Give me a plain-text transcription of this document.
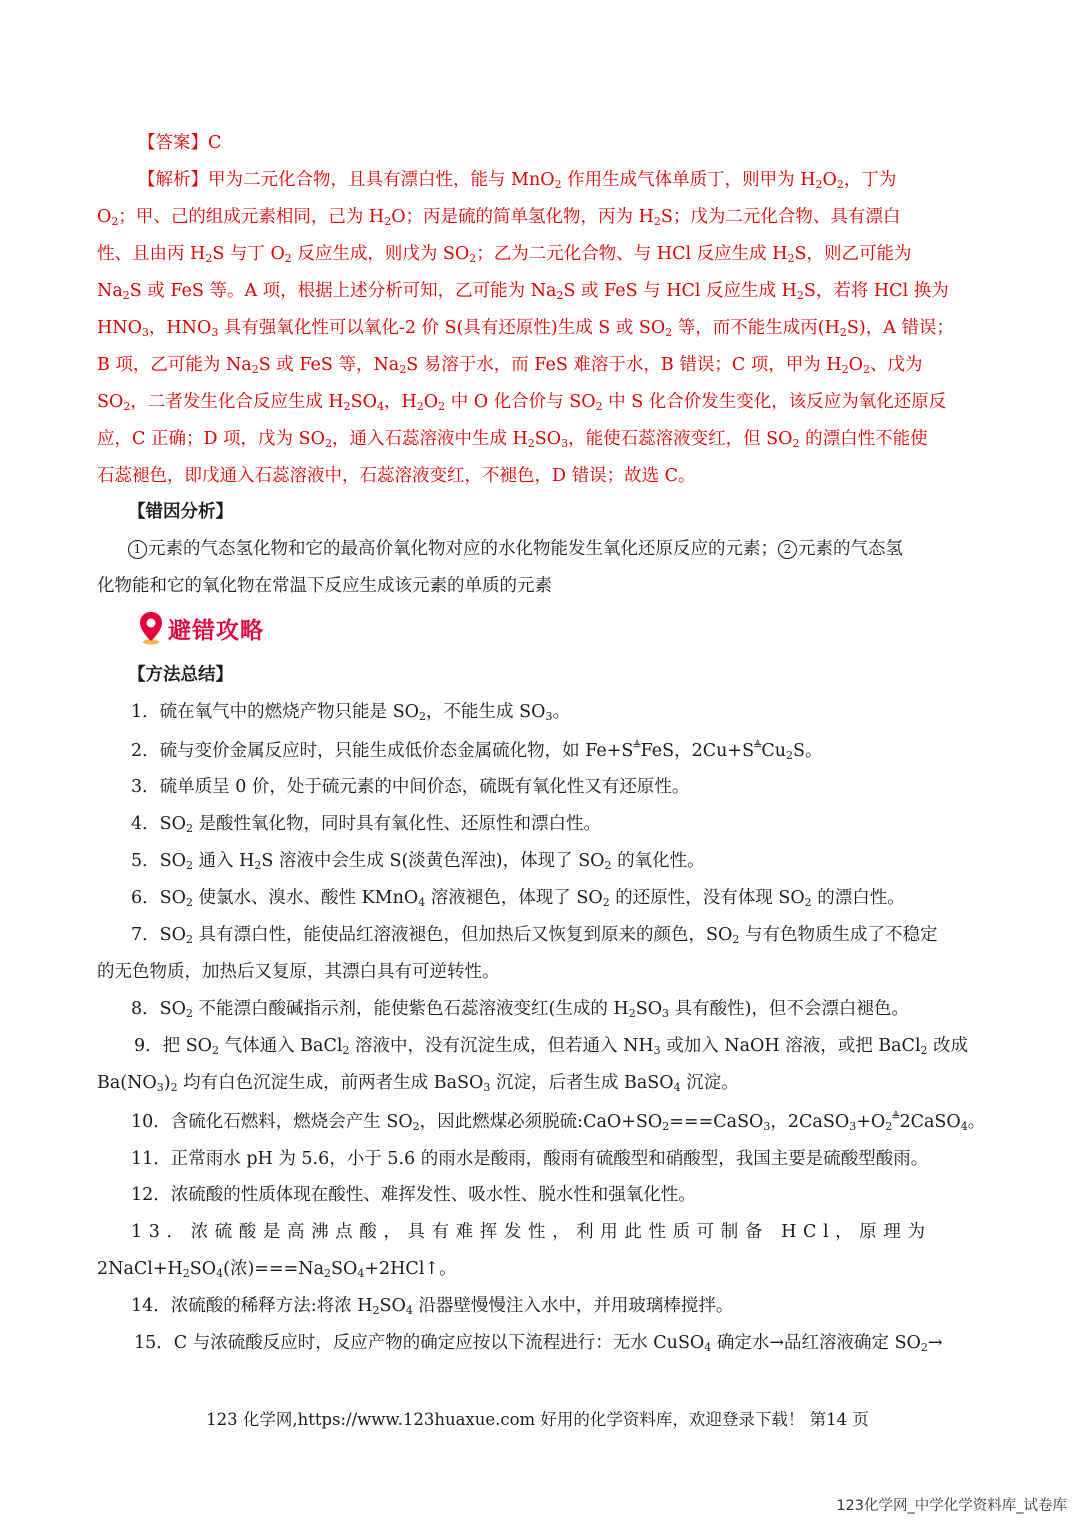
【答案】C
【解析】甲为二元化合物，且具有漂白性，能与 MnO$_2$ 作用生成气体单质丁，则甲为 $H_2O_2$，丁为
$O_2$；甲、己的组成元素相同，己为 $H_2O$；丙是硫的简单氢化物，丙为 $H_2S$；戊为二元化合物、具有漂白
性、且由丙 $H_2S$ 与丁 $O_2$ 反应生成，则戊为 $SO_2$；乙为二元化合物、与 HCl 反应生成 $H_2S$，则乙可能为
$Na_2S$ 或 FeS 等。A 项，根据上述分析可知，乙可能为 $Na_2S$ 或 FeS 与 HCl 反应生成 $H_2S$，若将 HCl 换为
$HNO_3$，$HNO_3$ 具有强氧化性可以氧化-2 价 S(具有还原性)生成 S 或 $SO_2$ 等，而不能生成丙$(H_2S)$，A 错误；
B 项，乙可能为 $Na_2S$ 或 FeS 等，$Na_2S$ 易溶于水，而 FeS 难溶于水，B 错误；C 项，甲为 $H_2O_2$、戊为
$SO_2$，二者发生化合反应生成 $H_2SO_4$，$H_2O_2$ 中 O 化合价与 $SO_2$ 中 S 化合价发生变化，该反应为氧化还原反
应，C 正确；D 项，戊为 $SO_2$，通入石蕊溶液中生成 $H_2SO_3$，能使石蕊溶液变红，但 $SO_2$ 的漂白性不能使
石蕊褪色，即戊通入石蕊溶液中，石蕊溶液变红，不褪色，D 错误；故选 C。
【错因分析】
1 元素的气态氢化物和它的最高价氧化物对应的水化物能发生氧化还原反应的元素； 2 元素的气态氢
化物能和它的氧化物在常温下反应生成该元素的单质的元素
避错攻略
【方法总结】
1．硫在氧气中的燃烧产物只能是 $SO_2$，不能生成 $SO_3$。
2．硫与变价金属反应时，只能生成低价态金属硫化物，如 Fe+S≜FeS，$2Cu+S≜Cu_2S$。
3．硫单质呈 0 价，处于硫元素的中间价态，硫既有氧化性又有还原性。
4．$SO_2$ 是酸性氧化物，同时具有氧化性、还原性和漂白性。
5．$SO_2$ 通入 $H_2S$ 溶液中会生成 S(淡黄色浑浊)，体现了 $SO_2$ 的氧化性。
6．$SO_2$ 使氯水、溴水、酸性 KMnO$_4$ 溶液褪色，体现了 $SO_2$ 的还原性，没有体现 $SO_2$ 的漂白性。
7．$SO_2$ 具有漂白性，能使品红溶液褪色，但加热后又恢复到原来的颜色，$SO_2$ 与有色物质生成了不稳定
的无色物质，加热后又复原，其漂白具有可逆转性。
8．$SO_2$ 不能漂白酸碱指示剂，能使紫色石蕊溶液变红(生成的 $H_2SO_3$ 具有酸性)，但不会漂白褪色。
9．把 $SO_2$ 气体通入 BaCl$_2$ 溶液中，没有沉淀生成，但若通入 $NH_3$ 或加入 NaOH 溶液，或把 BaCl$_2$ 改成
$Ba(NO_3)_2$ 均有白色沉淀生成，前两者生成 BaSO$_3$ 沉淀，后者生成 BaSO$_4$ 沉淀。
10．含硫化石燃料，燃烧会产生 $SO_2$，因此燃煤必须脱硫$:CaO+SO_2===CaSO_3$，$2CaSO_3+O_2≜2CaSO_4$。
11．正常雨水 pH 为 5.6，小于 5.6 的雨水是酸雨，酸雨有硫酸型和硝酸型，我国主要是硫酸型酸雨。
12．浓硫酸的性质体现在酸性、难挥发性、吸水性、脱水性和强氧化性。
13．浓硫酸是高沸点酸，具有难挥发性，利用此性质可制备 HCl，原理为
$2NaCl+H_2SO_4$(浓)$===Na_2SO_4+2HCl↑$。
14．浓硫酸的稀释方法:将浓 $H_2SO_4$ 沿器壁慢慢注入水中，并用玻璃棒搅拌。
15．C 与浓硫酸反应时，反应产物的确定应按以下流程进行：无水 CuSO$_4$ 确定水→品红溶液确定 $SO_2\to$
123 化学网,https://www.123huaxue.com 好用的化学资料库，欢迎登录下载！ 第14 页
123化学网_中学化学资料库_试卷库
